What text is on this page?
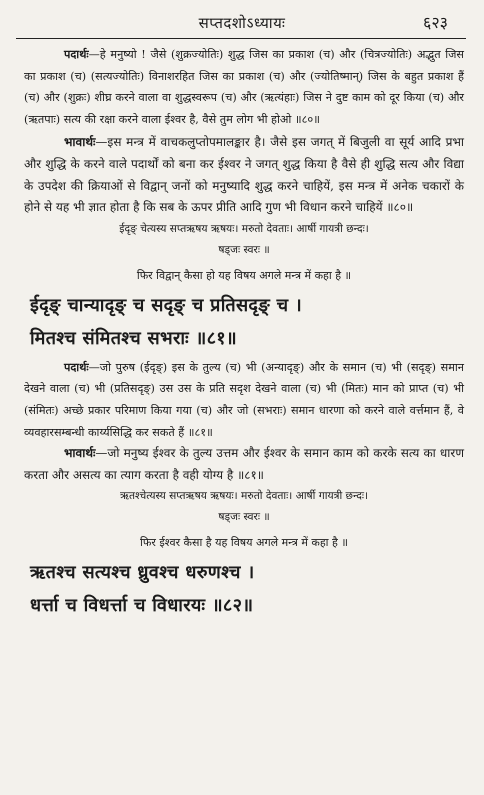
सप्तदशोऽध्यायः	६२३

पदार्थः—हे मनुष्यो ! जैसे (शुक्रज्योतिः) शुद्ध जिस का प्रकाश (च) और (चित्रज्योतिः) अद्भुत जिस का प्रकाश (च) (सत्यज्योतिः) विनाशरहित जिस का प्रकाश (च) और (ज्योतिष्मान्) जिस के बहुत प्रकाश हैं (च) और (शुक्रः) शीघ्र करने वाला वा शुद्धस्वरूप (च) और (ऋत्यंहाः) जिस ने दुष्ट काम को दूर किया (च) और (ऋतपाः) सत्य की रक्षा करने वाला ईश्वर है, वैसे तुम लोग भी होओ ॥८०॥

भावार्थः—इस मन्त्र में वाचकलुप्तोपमालङ्कार है। जैसे इस जगत् में बिजुली वा सूर्य आदि प्रभा और शुद्धि के करने वाले पदार्थों को बना कर ईश्वर ने जगत् शुद्ध किया है वैसे ही शुद्धि सत्य और विद्या के उपदेश की क्रियाओं से विद्वान् जनों को मनुष्यादि शुद्ध करने चाहियें, इस मन्त्र में अनेक चकारों के होने से यह भी ज्ञात होता है कि सब के ऊपर प्रीति आदि गुण भी विधान करने चाहियें ॥८०॥

ईदृङ् चेत्यस्य सप्तऋषय ऋषयः। मरुतो देवताः। आर्षी गायत्री छन्दः।

षड्जः स्वरः ॥

फिर विद्वान् कैसा हो यह विषय अगले मन्त्र में कहा है ॥

ईदृङ् चान्यादृङ् च सदृङ् च प्रतिसदृङ् च ।

मितश्च संमितश्च सभराः ॥८१॥

पदार्थः—जो पुरुष (ईदृङ्) इस के तुल्य (च) भी (अन्यादृङ्) और के समान (च) भी (सदृङ्) समान देखने वाला (च) भी (प्रतिसदृङ्) उस उस के प्रति सदृश देखने वाला (च) भी (मितः) मान को प्राप्त (च) भी (संमितः) अच्छे प्रकार परिमाण किया गया (च) और जो (सभराः) समान धारणा को करने वाले वर्त्तमान हैं, वे व्यवहारसम्बन्धी कार्य्यसिद्धि कर सकते हैं ॥८१॥

भावार्थः—जो मनुष्य ईश्वर के तुल्य उत्तम और ईश्वर के समान काम को करके सत्य का धारण करता और असत्य का त्याग करता है वही योग्य है ॥८१॥

ऋतश्चेत्यस्य सप्तऋषय ऋषयः। मरुतो देवताः। आर्षी गायत्री छन्दः।

षड्जः स्वरः ॥

फिर ईश्वर कैसा है यह विषय अगले मन्त्र में कहा है ॥

ऋतश्च सत्यश्च ध्रुवश्च धरुणश्च ।

धर्त्ता च विधर्त्ता च विधारयः ॥८२॥
